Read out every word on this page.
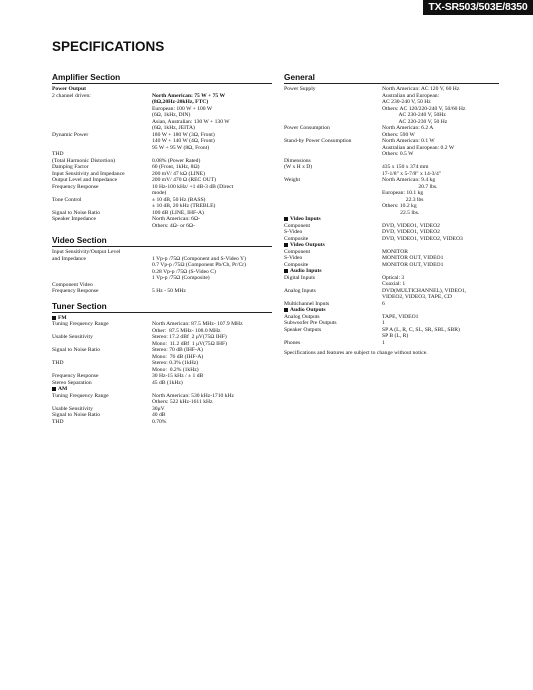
TX-SR503/503E/8350
SPECIFICATIONS
Amplifier Section
Power Output
2 channel driven:	North American: 75 W + 75 W
(8Ω,20Hz-20kHz, FTC)
European: 100 W + 100 W
(6Ω, 1kHz, DIN)
Asian, Australian: 130 W + 130 W
(6Ω, 1kHz, JEITA)
Dynamic Power	180 W + 180 W (3Ω, Front)
140 W + 140 W (4Ω, Front)
95 W + 95 W (8Ω, Front)
THD
(Total Harmonic Distortion)	0.08% (Power Rated)
Damping Factor	60 (Front, 1kHz, 8Ω)
Input Sensitivity and Impedance	200 mV/ 47 kΩ (LINE)
Output Level and Impedance	200 mV/ 470 Ω (REC OUT)
Frequency Response	10 Hz-100 kHz/ +1 dB-3 dB (Direct
mode)
Tone Control	± 10 dB, 50 Hz (BASS)
± 10 dB, 20 kHz (TREBLE)
Signal to Noise Ratio	100 dB (LINE, IHF-A)
Speaker Impedance	North American: 6Ω-
Others: 4Ω- or 6Ω-
Video Section
Input Sensitivity/Output Level
and Impedance	1 Vp-p /75Ω (Component and S-Video Y)
0.7 Vp-p /75Ω (Component Pb/Cb, Pr/Cr)
0.28 Vp-p /75Ω (S-Video C)
1 Vp-p /75Ω (Composite)
Component Video
Frequency Response	5 Hz - 50 MHz
Tuner Section
FM
Tuning Frequency Range	North American: 87.5 MHz- 107.9 MHz
Other:  87.5 MHz- 108.0 MHz
Usable Sensitivity	Stereo: 17.2 dBf  2 μV(75Ω IHF)
Mono:  11.2 dBf  1 μV(75Ω IHF)
Signal to Noise Ratio	Stereo: 70 dB (IHF-A)
Mono:  76 dB (IHF-A)
THD	Stereo: 0.3% (1kHz)
Mono:  0.2% (1kHz)
Frequency Response	30 Hz-15 kHz / ± 1 dB
Stereo Separation	45 dB (1kHz)
AM
Tuning Frequency Range	North American: 530 kHz-1710 kHz
Others: 522 kHz-1611 kHz
Usable Sensitivity	30μV
Signal to Noise Ratio	40 dB
THD	0.70%
General
Power Supply	North American: AC 120 V, 60 Hz
Australian and European:
AC 230-240 V, 50 Hz
Others: AC 120/220-240 V, 50/60 Hz
AC 230-240 V, 50Hz
AC 220-230 V, 50 Hz
Power Consumption	North American: 6.2 A
Others: 590 W
Stand-by Power Consumption	North American: 0.1 W
Australian and European: 0.2 W
Others: 0.5 W
Dimensions
(W x H x D)	435 x 150 x 374 mm
17-1/8" x 5-7/8" x 14-3/4"
Weight	North American: 9.4 kg
20.7 lbs.
European: 10.1 kg
22.3 lbs
Others: 10.2 kg
22.5 lbs.
Video Inputs
Component	DVD, VIDEO1, VIDEO2
S-Video	DVD, VIDEO1, VIDEO2
Composite	DVD, VIDEO1, VIDEO2, VIDEO3
Video Outputs
Component	MONITOR
S-Video	MONITOR OUT, VIDEO1
Composite	MONITOR OUT, VIDEO1
Audio Inputs
Digital Inputs	Optical: 3
Coaxial: 1
Analog Inputs	DVD(MULTICHANNEL), VIDEO1,
VIDEO2, VIDEO3, TAPE, CD
Multichannel Inputs	6
Audio Outputs
Analog Outputs	TAPE, VIDEO1
Subwoofer Pre Outputs	1
Speaker Outputs	SP A (L, R, C, SL, SR, SBL, SBR)
SP B (L, R)
Phones	1
Specifications and features are subject to change without notice.
